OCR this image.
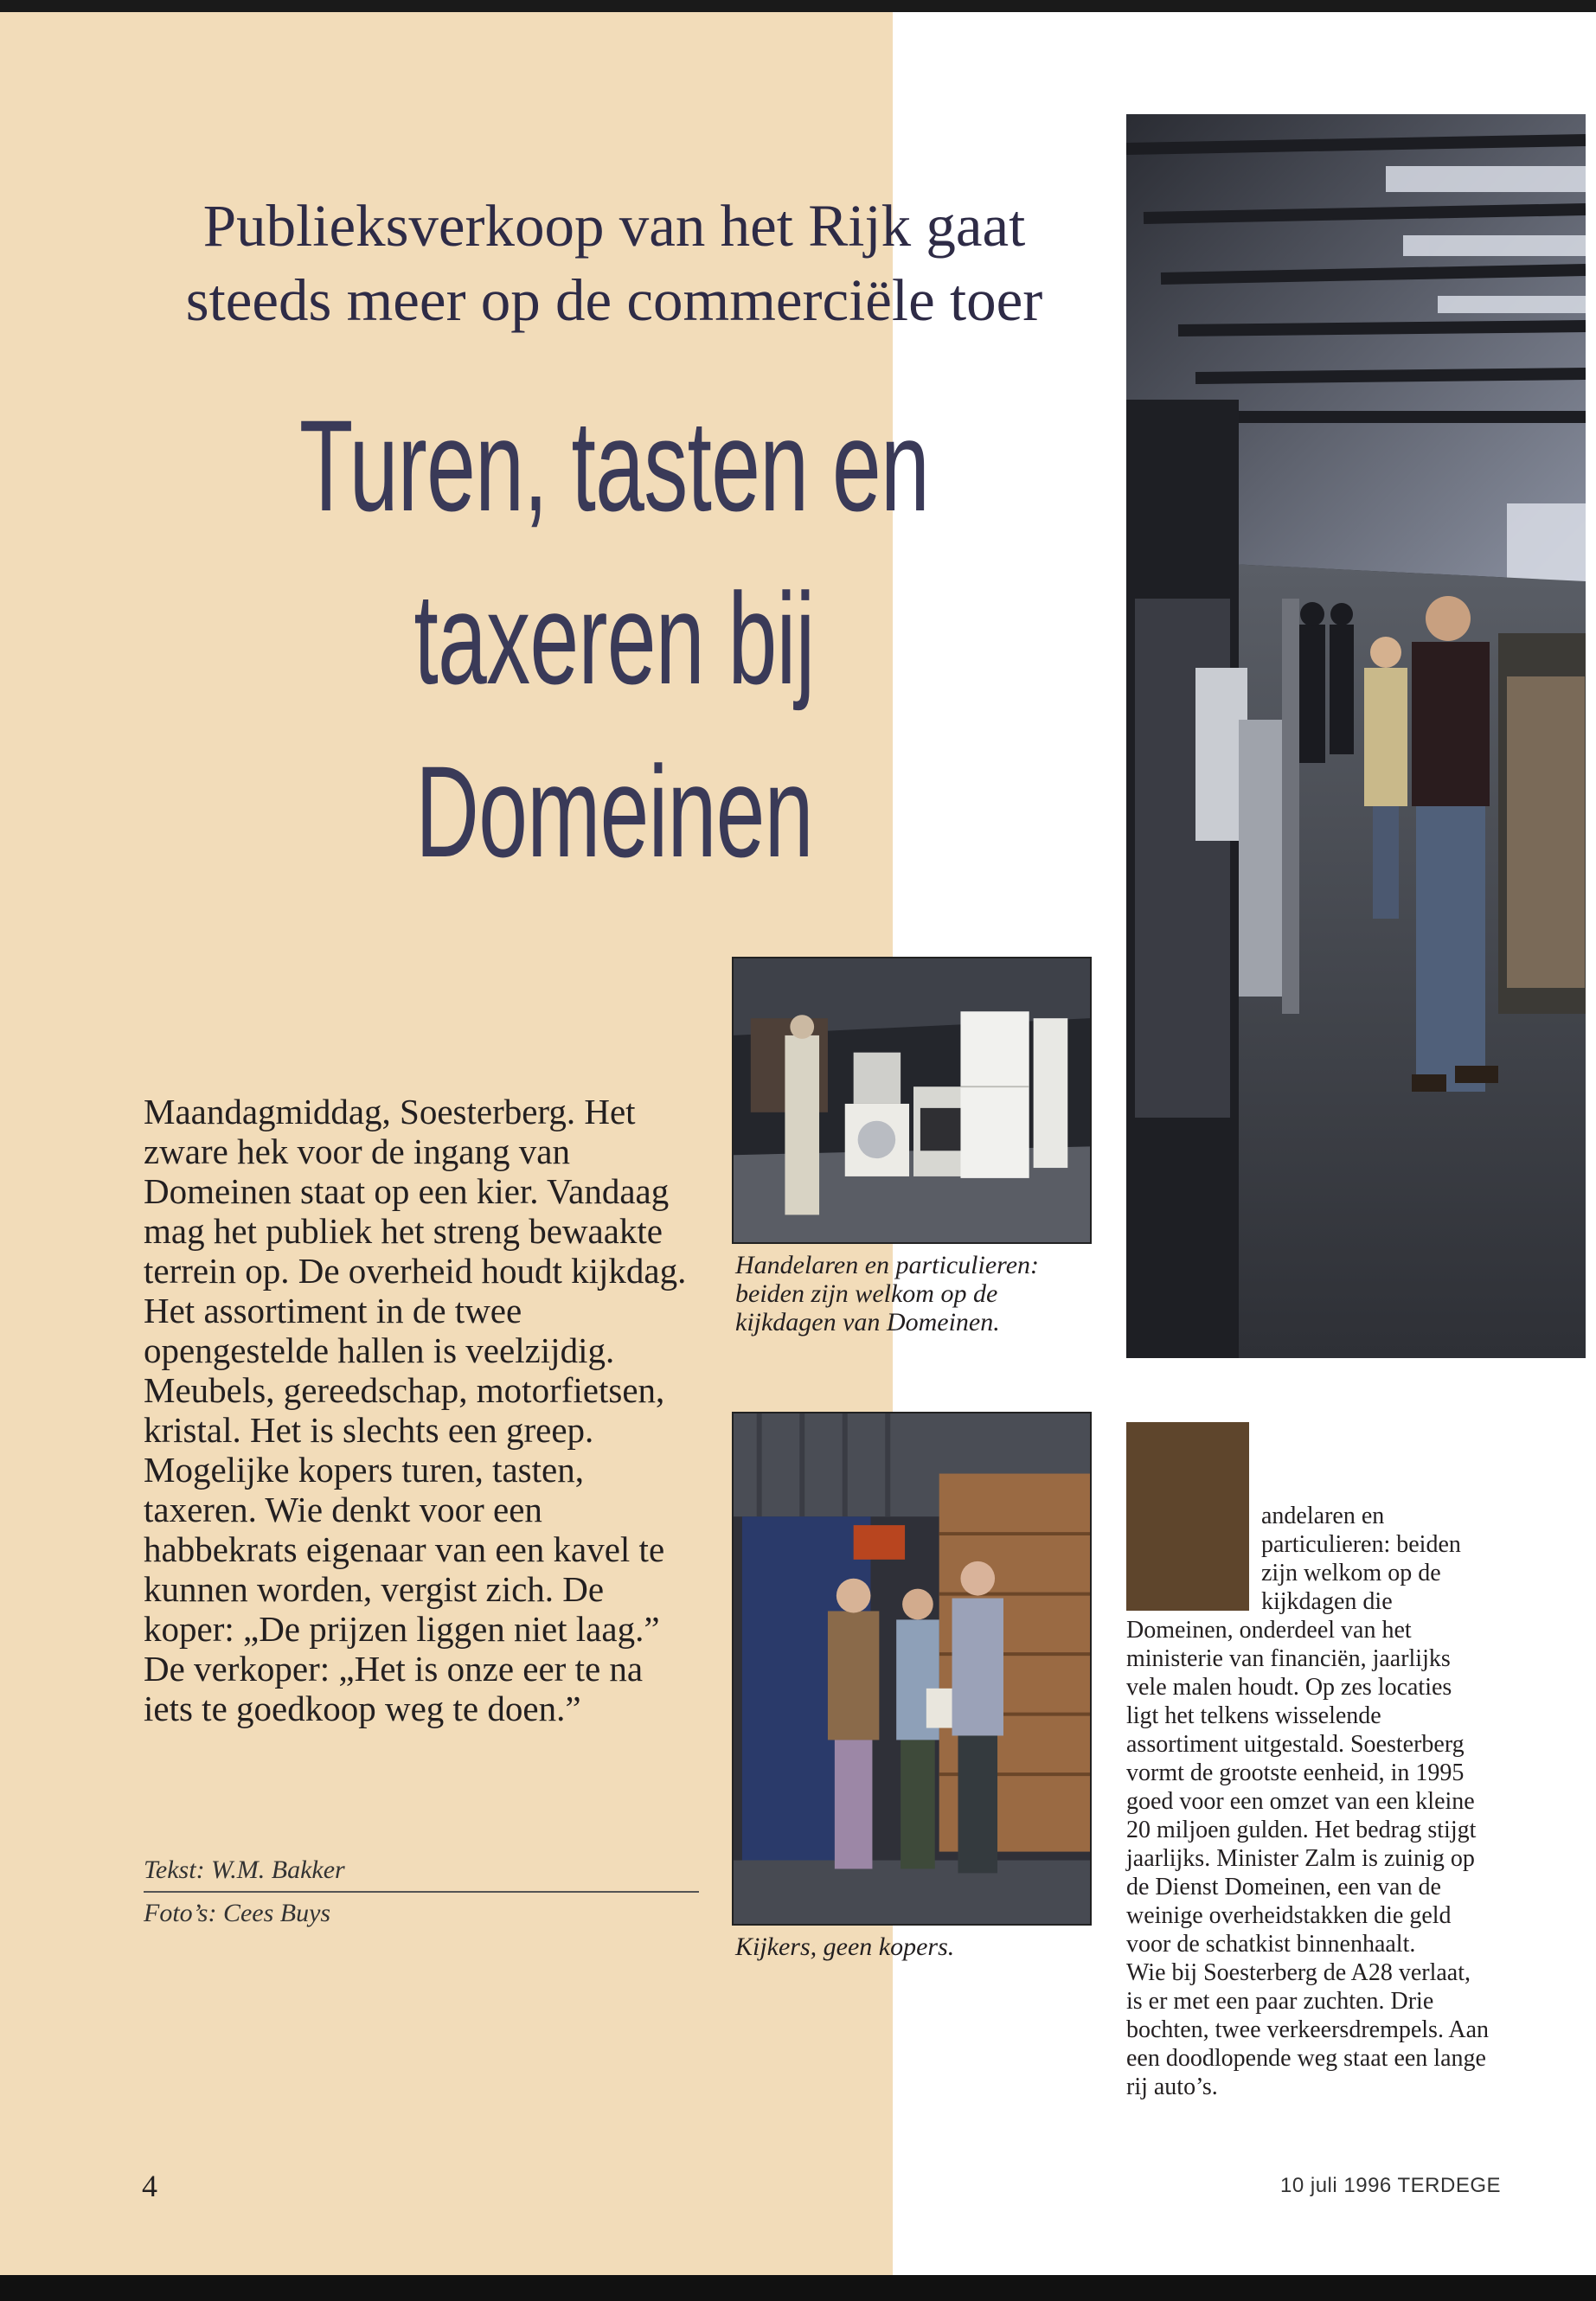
Publieksverkoop van het Rijk gaat
steeds meer op de commerciële toer
Turen, tasten en
taxeren bij
Domeinen

Maandagmiddag, Soesterberg. Het zware hek voor de ingang van Domeinen staat op een kier. Vandaag mag het publiek het streng bewaakte terrein op. De overheid houdt kijkdag. Het assortiment in de twee opengestelde hallen is veelzijdig. Meubels, gereedschap, motorfietsen, kristal. Het is slechts een greep. Mogelijke kopers turen, tasten, taxeren. Wie denkt voor een habbekrats eigenaar van een kavel te kunnen worden, vergist zich. De koper: „De prijzen liggen niet laag.” De verkoper: „Het is onze eer te na iets te goedkoop weg te doen.”

Tekst: W.M. Bakker
Foto’s: Cees Buys
Handelaren en particulieren: beiden zijn welkom op de kijkdagen van Domeinen.
Kijkers, geen kopers.

andelaren en particulieren: beiden zijn welkom op de kijkdagen die Domeinen, onderdeel van het ministerie van financiën, jaarlijks vele malen houdt. Op zes locaties ligt het telkens wisselende assortiment uitgestald. Soesterberg vormt de grootste eenheid, in 1995 goed voor een omzet van een kleine 20 miljoen gulden. Het bedrag stijgt jaarlijks. Minister Zalm is zuinig op de Dienst Domeinen, een van de weinige overheidstakken die geld voor de schatkist binnenhaalt.

Wie bij Soesterberg de A28 verlaat, is er met een paar zuchten. Drie bochten, twee verkeersdrempels. Aan een doodlopende weg staat een lange rij auto’s.

4	10 juli 1996 TERDEGE
